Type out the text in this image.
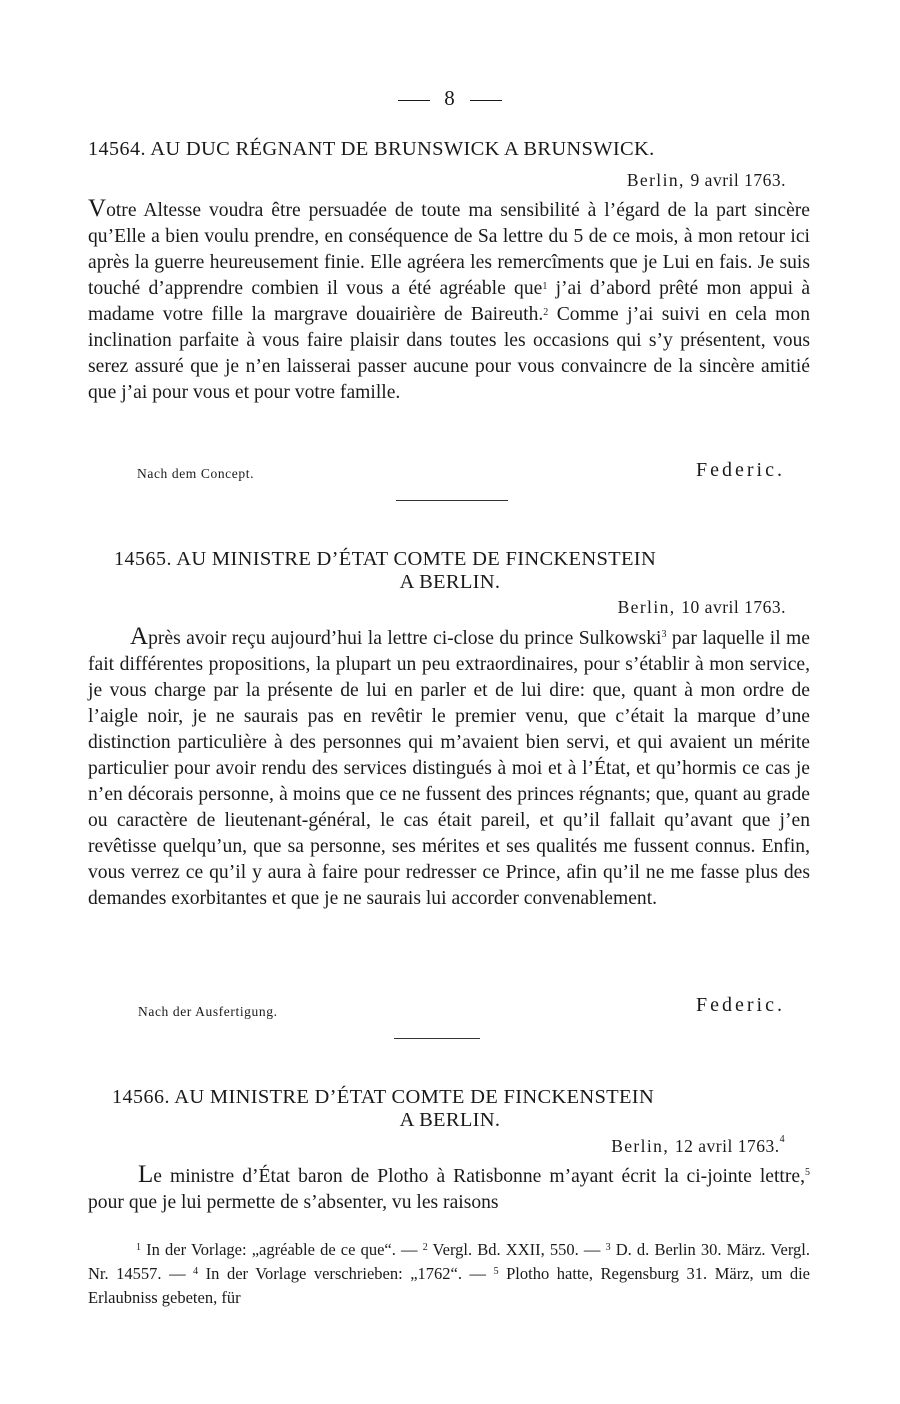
8
14564. AU DUC RÉGNANT DE BRUNSWICK A BRUNSWICK.
Berlin, 9 avril 1763.
Votre Altesse voudra être persuadée de toute ma sensibilité à l’égard de la part sincère qu’Elle a bien voulu prendre, en conséquence de Sa lettre du 5 de ce mois, à mon retour ici après la guerre heureusement finie. Elle agréera les remercîments que je Lui en fais. Je suis touché d’apprendre combien il vous a été agréable que$^1$ j’ai d’abord prêté mon appui à madame votre fille la margrave douairière de Baireuth.$^2$ Comme j’ai suivi en cela mon inclination parfaite à vous faire plaisir dans toutes les occasions qui s’y présentent, vous serez assuré que je n’en laisserai passer aucune pour vous convaincre de la sincère amitié que j’ai pour vous et pour votre famille.
Nach dem Concept.	Federic.
14565. AU MINISTRE D’ÉTAT COMTE DE FINCKENSTEIN
A BERLIN.
Berlin, 10 avril 1763.
Après avoir reçu aujourd’hui la lettre ci-close du prince Sulkowski$^3$ par laquelle il me fait différentes propositions, la plupart un peu extraordinaires, pour s’établir à mon service, je vous charge par la présente de lui en parler et de lui dire: que, quant à mon ordre de l’aigle noir, je ne saurais pas en revêtir le premier venu, que c’était la marque d’une distinction particulière à des personnes qui m’avaient bien servi, et qui avaient un mérite particulier pour avoir rendu des services distingués à moi et à l’État, et qu’hormis ce cas je n’en décorais personne, à moins que ce ne fussent des princes régnants; que, quant au grade ou caractère de lieutenant-général, le cas était pareil, et qu’il fallait qu’avant que j’en revêtisse quelqu’un, que sa personne, ses mérites et ses qualités me fussent connus. Enfin, vous verrez ce qu’il y aura à faire pour redresser ce Prince, afin qu’il ne me fasse plus des demandes exorbitantes et que je ne saurais lui accorder convenablement.
Nach der Ausfertigung.	Federic.
14566. AU MINISTRE D’ÉTAT COMTE DE FINCKENSTEIN
A BERLIN.
Berlin, 12 avril 1763.$^4$
Le ministre d’État baron de Plotho à Ratisbonne m’ayant écrit la ci-jointe lettre,$^5$ pour que je lui permette de s’absenter, vu les raisons
$^1$ In der Vorlage: „agréable de ce que“. — $^2$ Vergl. Bd. XXII, 550. — $^3$ D. d. Berlin 30. März. Vergl. Nr. 14557. — $^4$ In der Vorlage verschrieben: „1762“. — $^5$ Plotho hatte, Regensburg 31. März, um die Erlaubniss gebeten, für
